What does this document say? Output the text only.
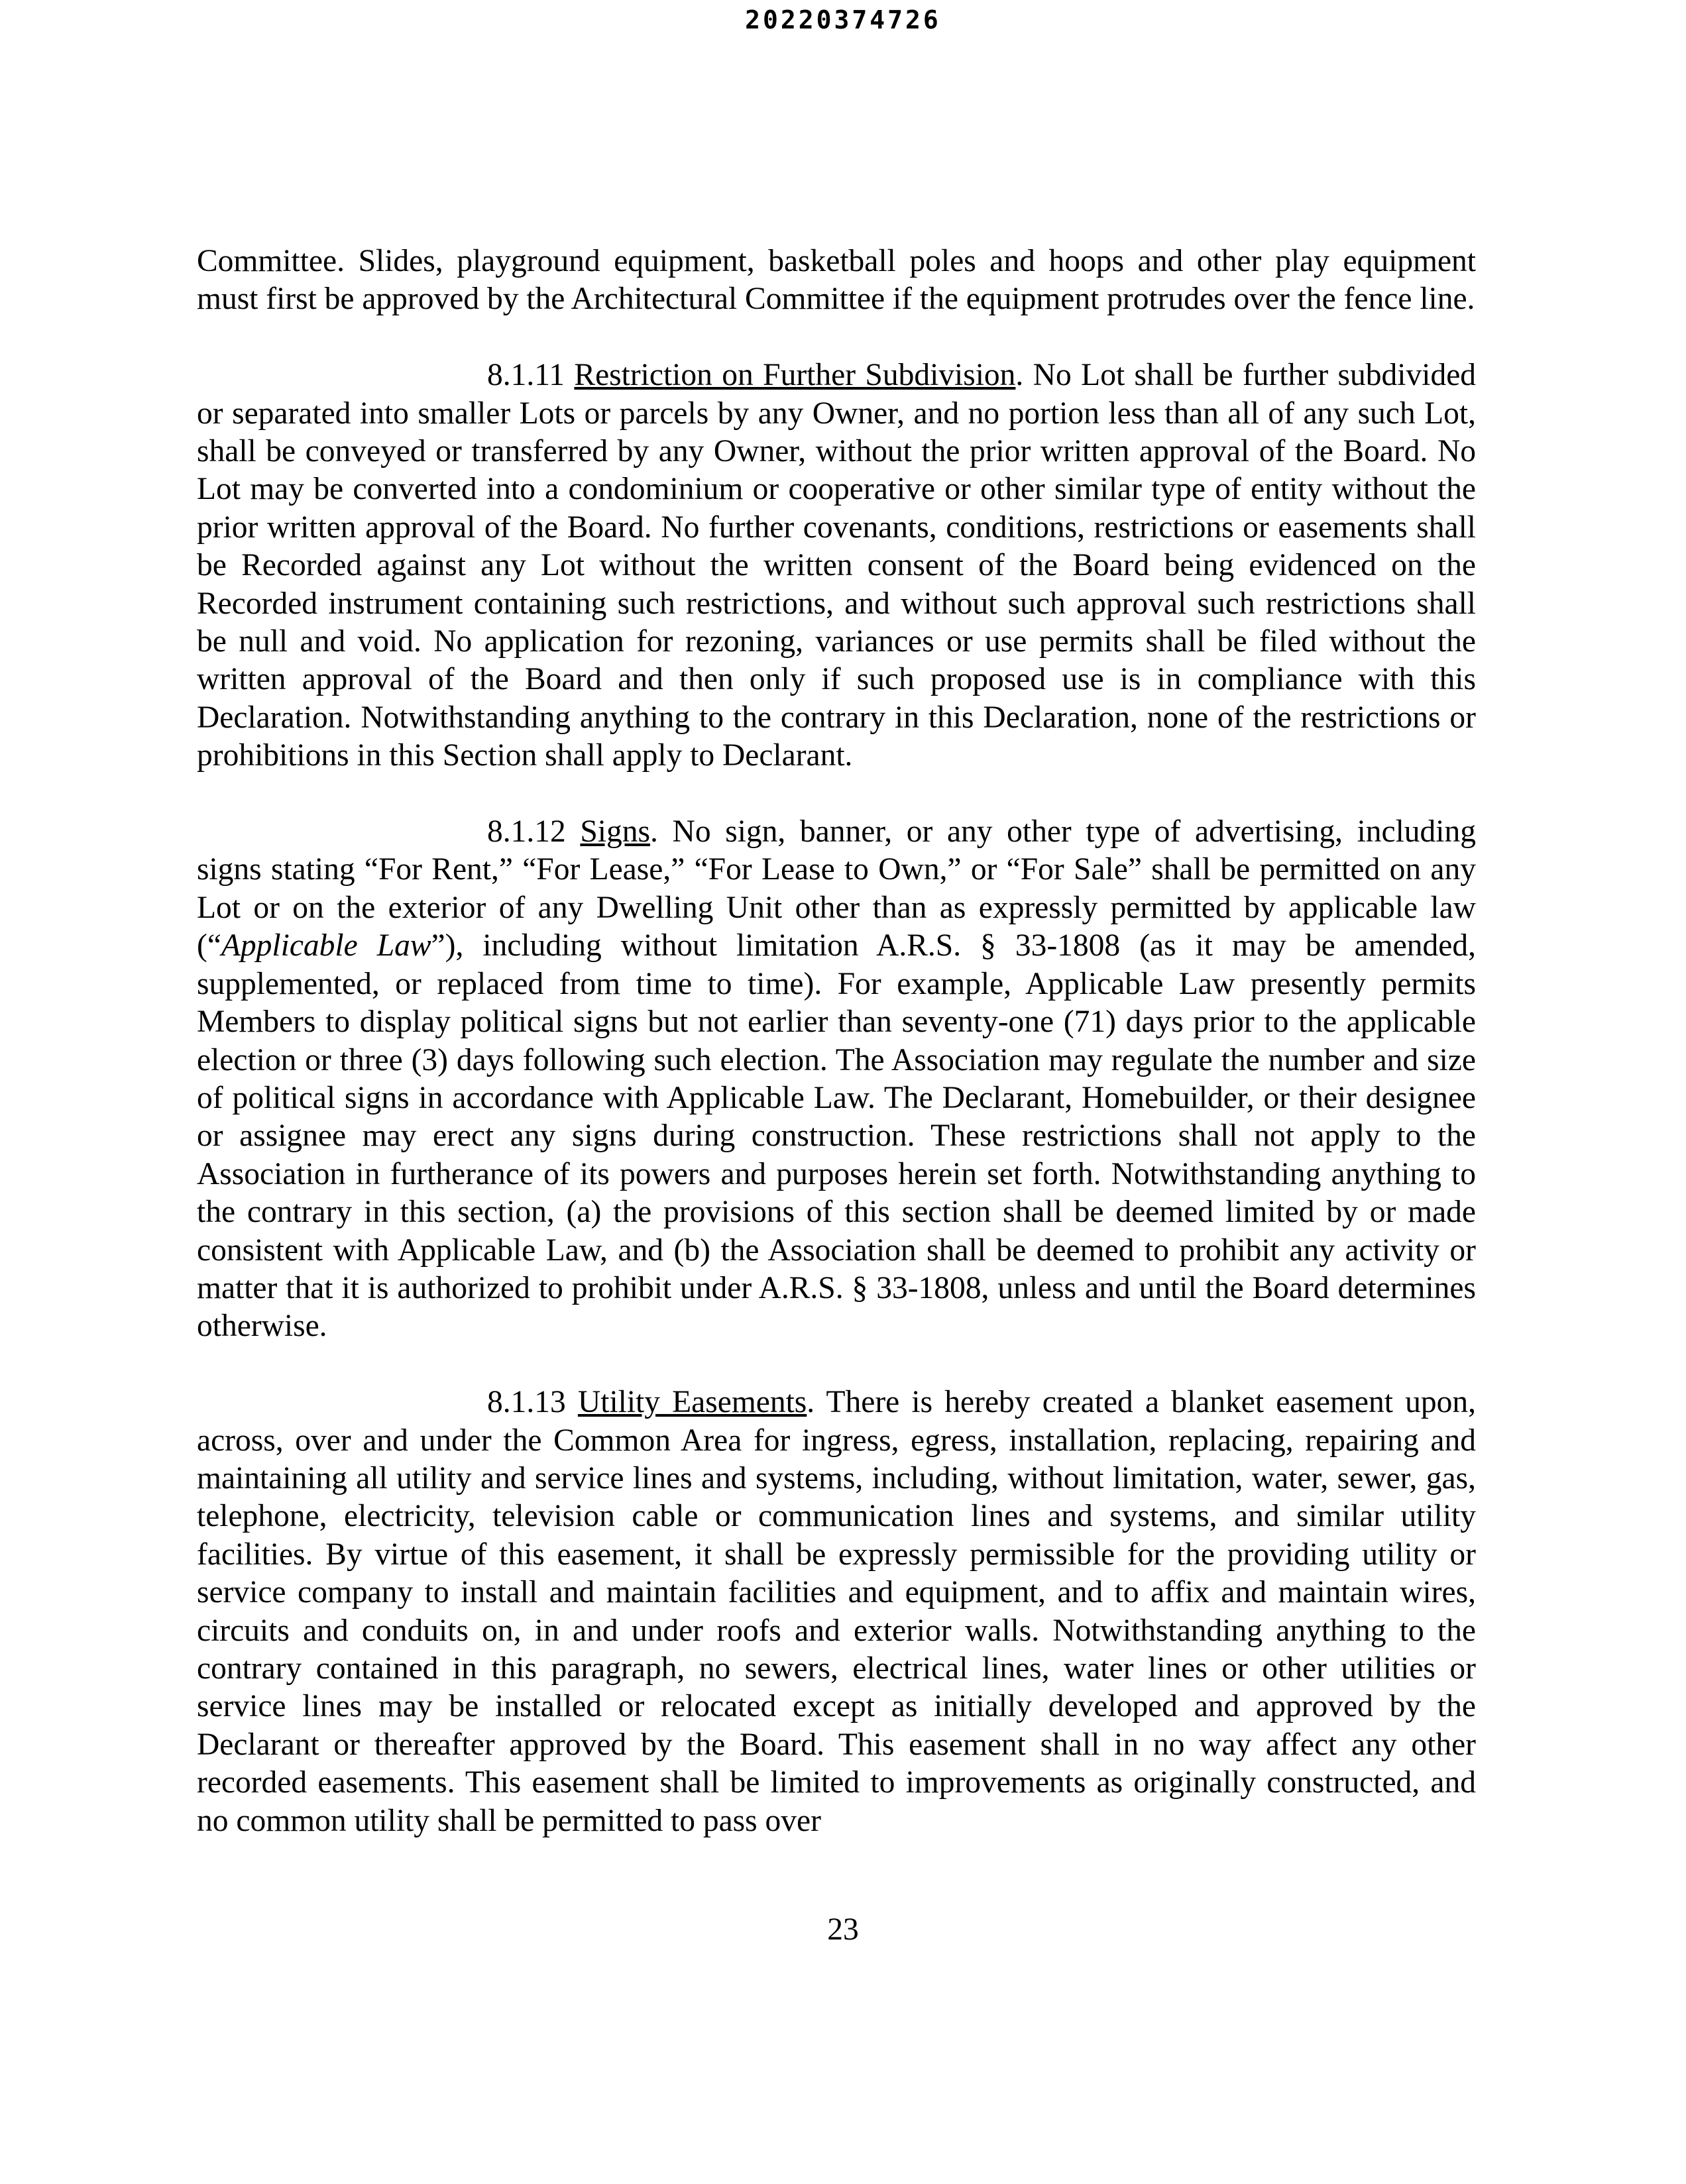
20220374726

Committee. Slides, playground equipment, basketball poles and hoops and other play equipment must first be approved by the Architectural Committee if the equipment protrudes over the fence line.

8.1.11 Restriction on Further Subdivision. No Lot shall be further subdivided or separated into smaller Lots or parcels by any Owner, and no portion less than all of any such Lot, shall be conveyed or transferred by any Owner, without the prior written approval of the Board. No Lot may be converted into a condominium or cooperative or other similar type of entity without the prior written approval of the Board. No further covenants, conditions, restrictions or easements shall be Recorded against any Lot without the written consent of the Board being evidenced on the Recorded instrument containing such restrictions, and without such approval such restrictions shall be null and void. No application for rezoning, variances or use permits shall be filed without the written approval of the Board and then only if such proposed use is in compliance with this Declaration. Notwithstanding anything to the contrary in this Declaration, none of the restrictions or prohibitions in this Section shall apply to Declarant.

8.1.12 Signs. No sign, banner, or any other type of advertising, including signs stating “For Rent,” “For Lease,” “For Lease to Own,” or “For Sale” shall be permitted on any Lot or on the exterior of any Dwelling Unit other than as expressly permitted by applicable law (“Applicable Law”), including without limitation A.R.S. § 33-1808 (as it may be amended, supplemented, or replaced from time to time). For example, Applicable Law presently permits Members to display political signs but not earlier than seventy-one (71) days prior to the applicable election or three (3) days following such election. The Association may regulate the number and size of political signs in accordance with Applicable Law. The Declarant, Homebuilder, or their designee or assignee may erect any signs during construction. These restrictions shall not apply to the Association in furtherance of its powers and purposes herein set forth. Notwithstanding anything to the contrary in this section, (a) the provisions of this section shall be deemed limited by or made consistent with Applicable Law, and (b) the Association shall be deemed to prohibit any activity or matter that it is authorized to prohibit under A.R.S. § 33-1808, unless and until the Board determines otherwise.

8.1.13 Utility Easements. There is hereby created a blanket easement upon, across, over and under the Common Area for ingress, egress, installation, replacing, repairing and maintaining all utility and service lines and systems, including, without limitation, water, sewer, gas, telephone, electricity, television cable or communication lines and systems, and similar utility facilities. By virtue of this easement, it shall be expressly permissible for the providing utility or service company to install and maintain facilities and equipment, and to affix and maintain wires, circuits and conduits on, in and under roofs and exterior walls. Notwithstanding anything to the contrary contained in this paragraph, no sewers, electrical lines, water lines or other utilities or service lines may be installed or relocated except as initially developed and approved by the Declarant or thereafter approved by the Board. This easement shall in no way affect any other recorded easements. This easement shall be limited to improvements as originally constructed, and no common utility shall be permitted to pass over

23
